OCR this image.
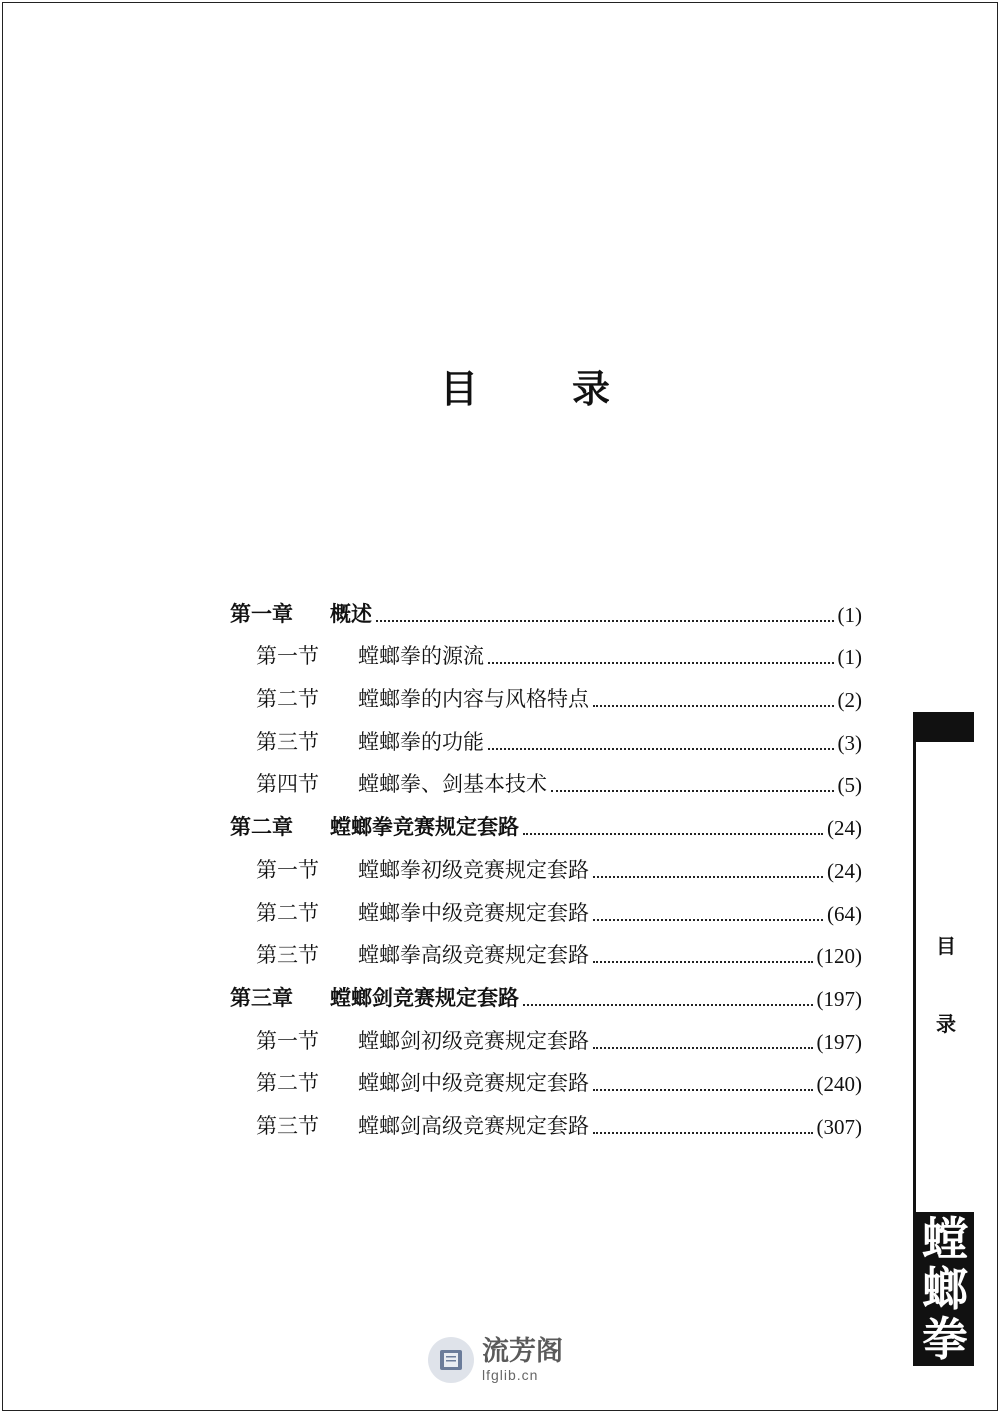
目 录
第一章	概述	(1)
第一节	螳螂拳的源流	(1)
第二节	螳螂拳的内容与风格特点	(2)
第三节	螳螂拳的功能	(3)
第四节	螳螂拳、剑基本技术	(5)
第二章	螳螂拳竞赛规定套路	(24)
第一节	螳螂拳初级竞赛规定套路	(24)
第二节	螳螂拳中级竞赛规定套路	(64)
第三节	螳螂拳高级竞赛规定套路	(120)
第三章	螳螂剑竞赛规定套路	(197)
第一节	螳螂剑初级竞赛规定套路	(197)
第二节	螳螂剑中级竞赛规定套路	(240)
第三节	螳螂剑高级竞赛规定套路	(307)
目
录
螳
螂
拳
流芳阁
lfglib.cn
